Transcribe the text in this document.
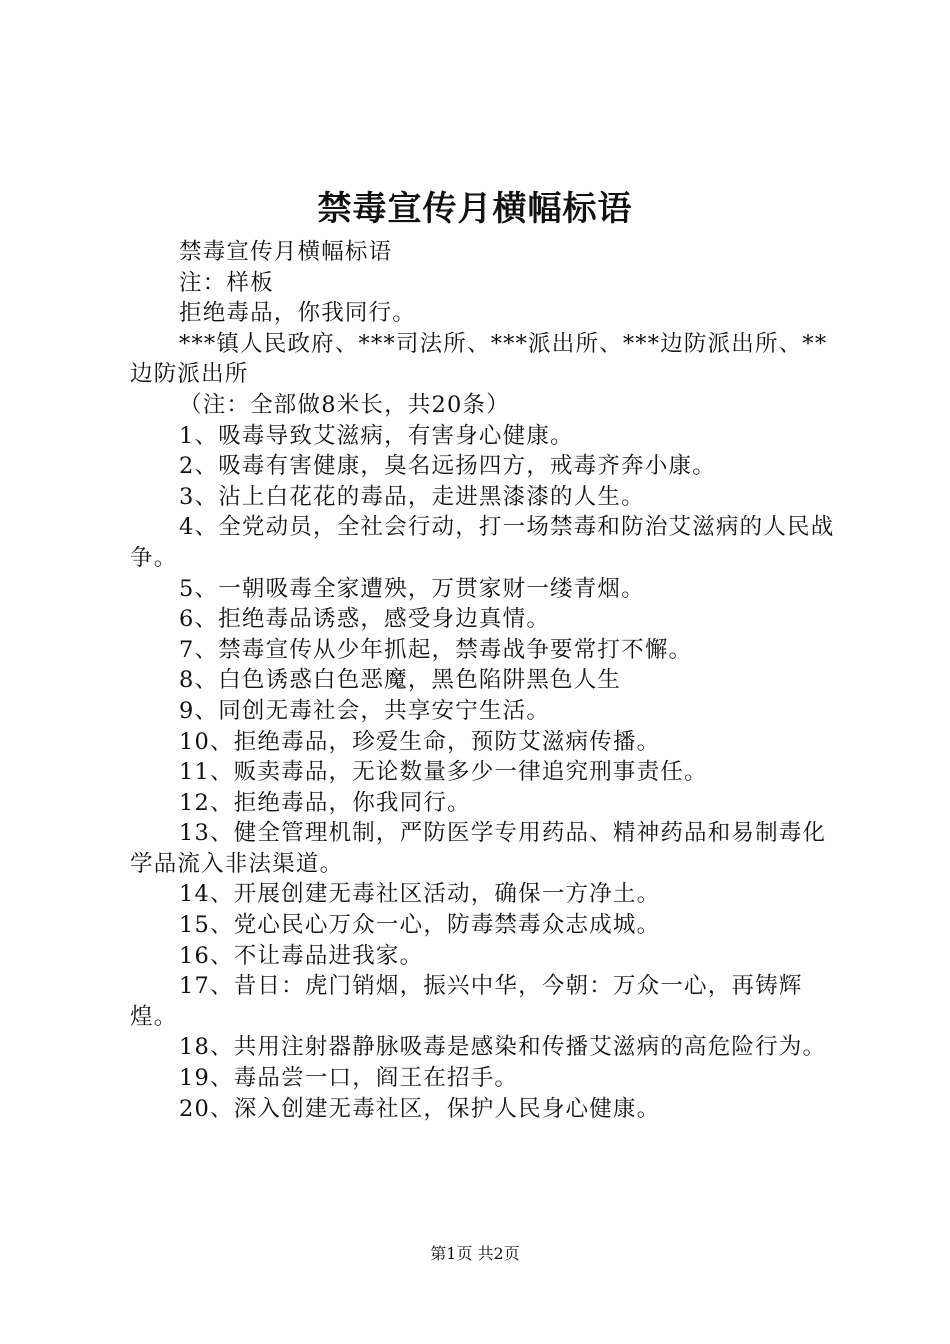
禁毒宣传月横幅标语

禁毒宣传月横幅标语

注：样板

拒绝毒品，你我同行。

***镇人民政府、***司法所、***派出所、***边防派出所、**边防派出所

（注：全部做8米长，共20条）

1、吸毒导致艾滋病，有害身心健康。

2、吸毒有害健康，臭名远扬四方，戒毒齐奔小康。

3、沾上白花花的毒品，走进黑漆漆的人生。

4、全党动员，全社会行动，打一场禁毒和防治艾滋病的人民战争。

5、一朝吸毒全家遭殃，万贯家财一缕青烟。

6、拒绝毒品诱惑，感受身边真情。

7、禁毒宣传从少年抓起，禁毒战争要常打不懈。

8、白色诱惑白色恶魔，黑色陷阱黑色人生

9、同创无毒社会，共享安宁生活。

10、拒绝毒品，珍爱生命，预防艾滋病传播。

11、贩卖毒品，无论数量多少一律追究刑事责任。

12、拒绝毒品，你我同行。

13、健全管理机制，严防医学专用药品、精神药品和易制毒化学品流入非法渠道。

14、开展创建无毒社区活动，确保一方净土。

15、党心民心万众一心，防毒禁毒众志成城。

16、不让毒品进我家。

17、昔日：虎门销烟，振兴中华，今朝：万众一心，再铸辉煌。

18、共用注射器静脉吸毒是感染和传播艾滋病的高危险行为。

19、毒品尝一口，阎王在招手。

20、深入创建无毒社区，保护人民身心健康。

第1页 共2页
